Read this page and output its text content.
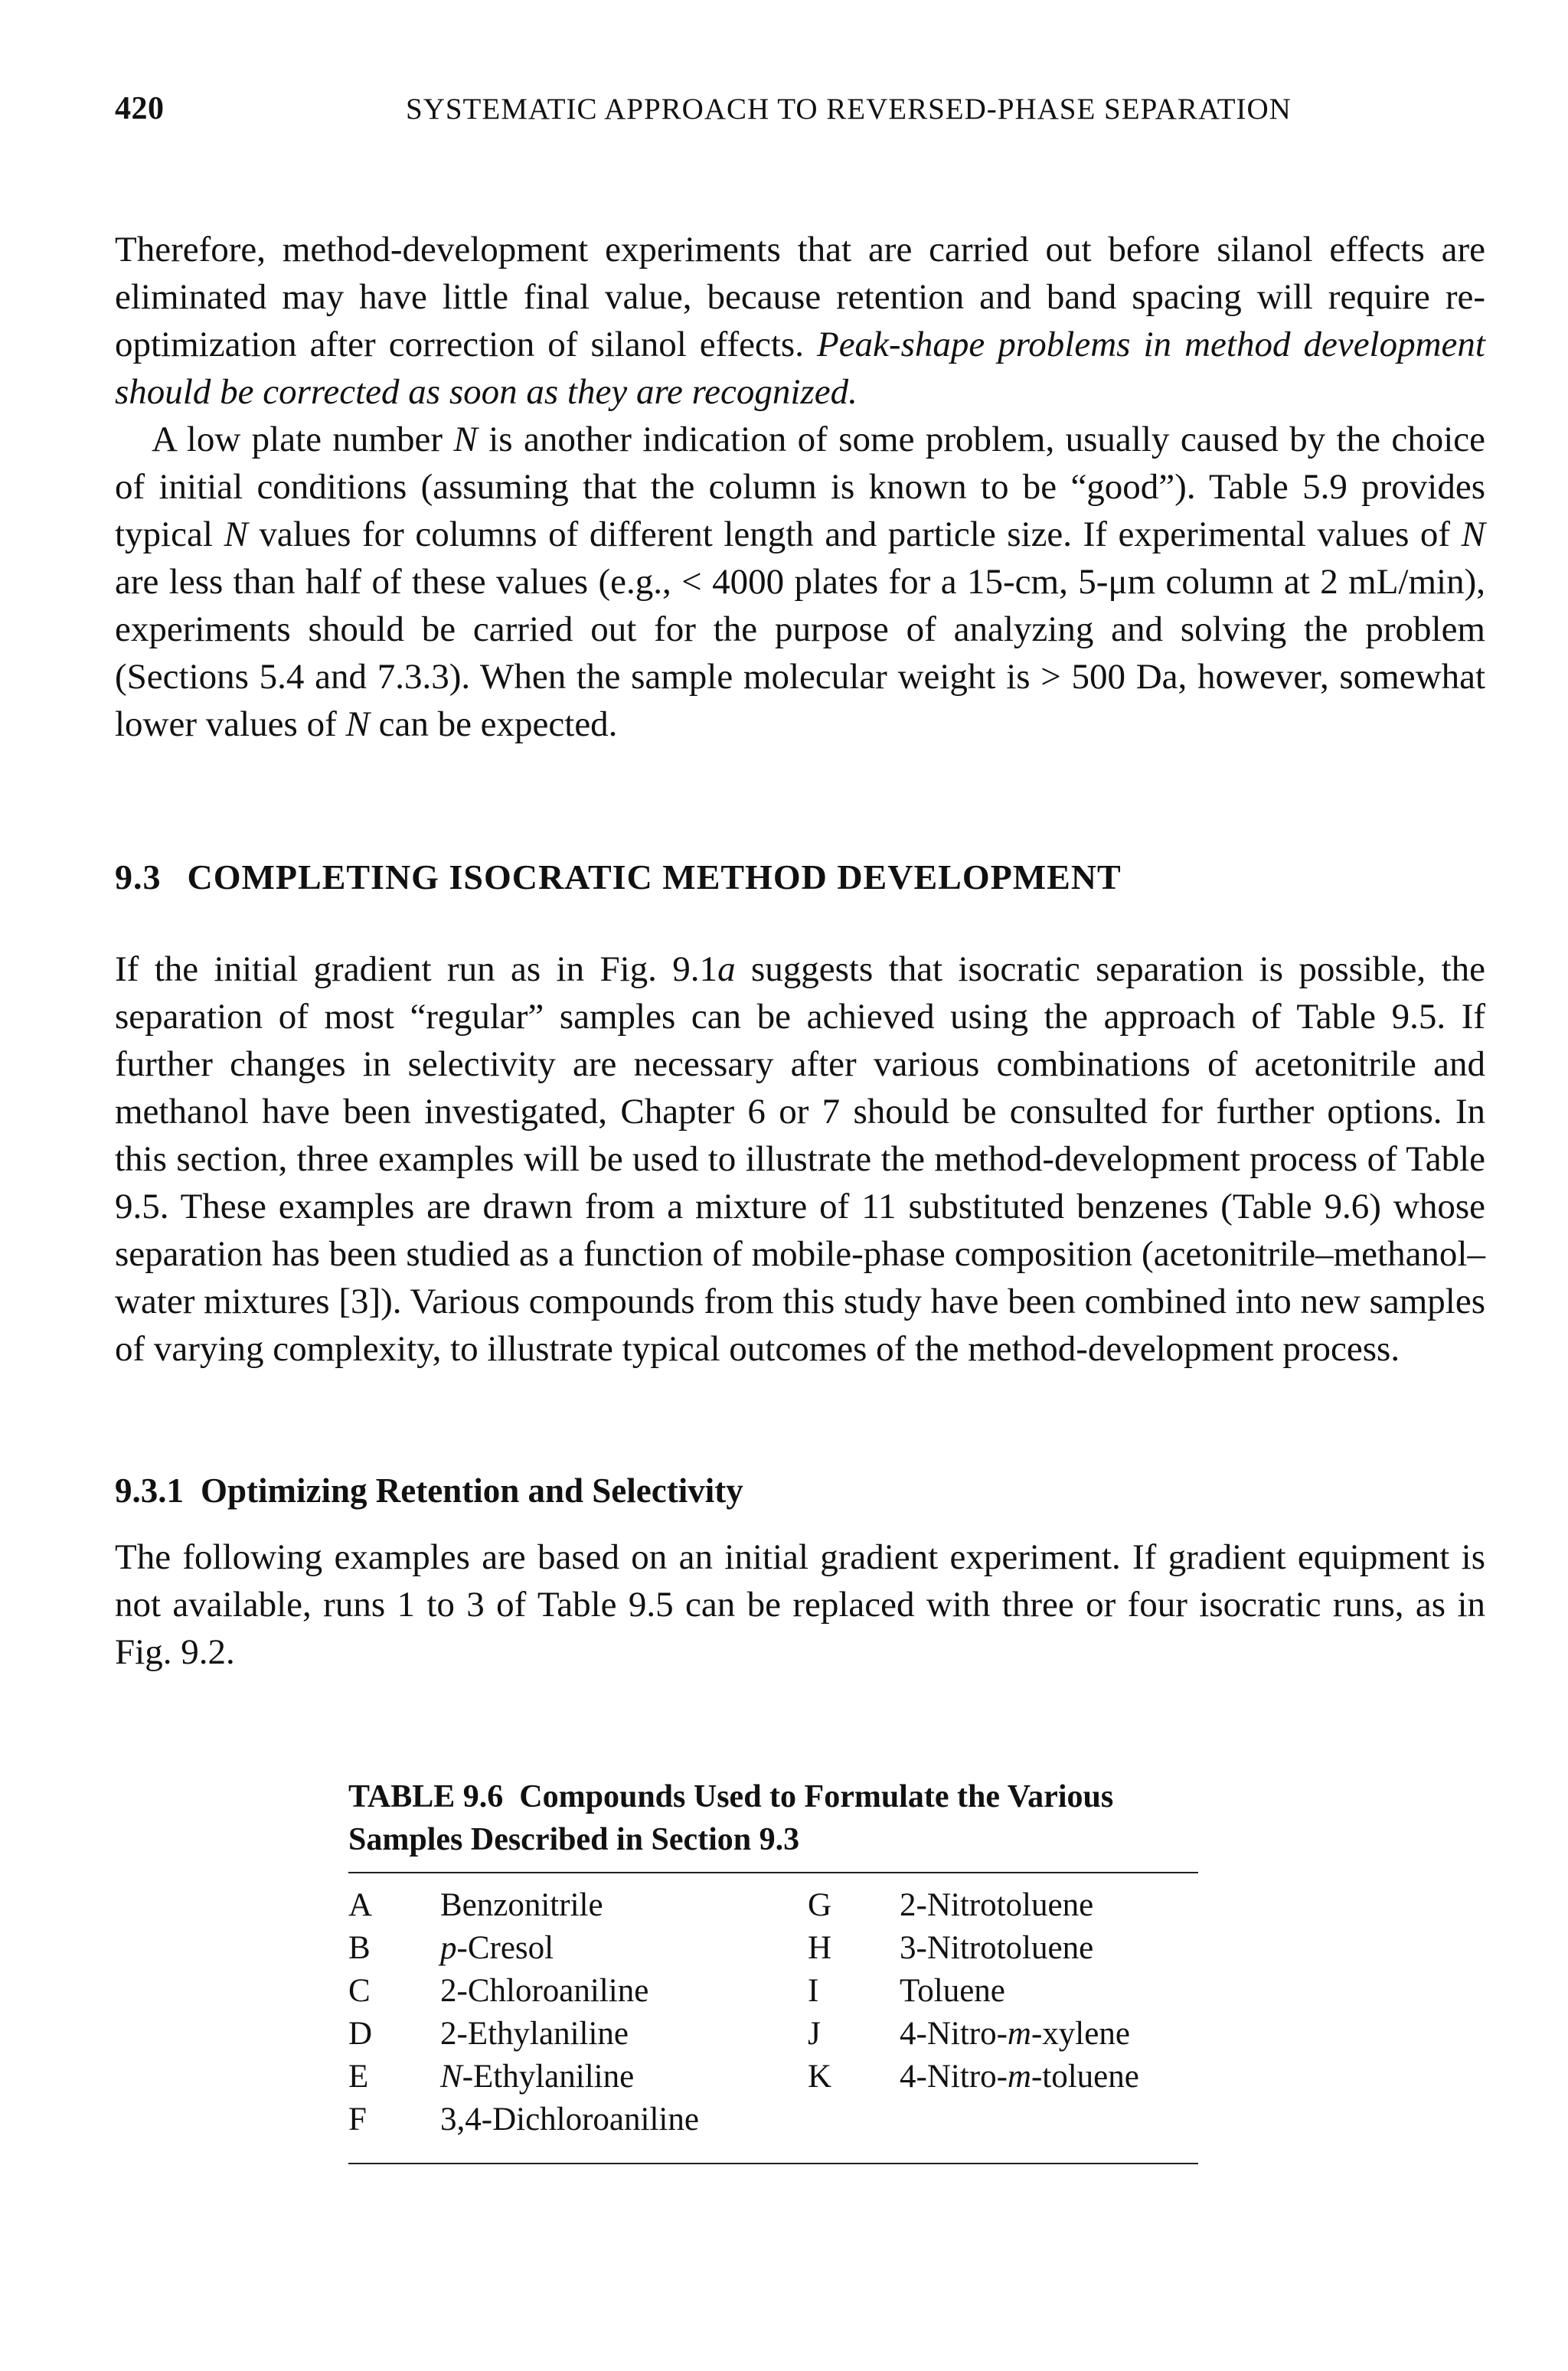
420	SYSTEMATIC APPROACH TO REVERSED-PHASE SEPARATION

Therefore, method-development experiments that are carried out before silanol effects are eliminated may have little final value, because retention and band spacing will require re-optimization after correction of silanol effects. Peak-shape problems in method development should be corrected as soon as they are recognized.

A low plate number N is another indication of some problem, usually caused by the choice of initial conditions (assuming that the column is known to be “good”). Table 5.9 provides typical N values for columns of different length and particle size. If experimental values of N are less than half of these values (e.g., < 4000 plates for a 15-cm, 5-μm column at 2 mL/min), experiments should be carried out for the purpose of analyzing and solving the problem (Sections 5.4 and 7.3.3). When the sample molecular weight is > 500 Da, however, somewhat lower values of N can be expected.

9.3 COMPLETING ISOCRATIC METHOD DEVELOPMENT

If the initial gradient run as in Fig. 9.1a suggests that isocratic separation is possible, the separation of most “regular” samples can be achieved using the approach of Table 9.5. If further changes in selectivity are necessary after various combinations of acetonitrile and methanol have been investigated, Chapter 6 or 7 should be consulted for further options. In this section, three examples will be used to illustrate the method-development process of Table 9.5. These examples are drawn from a mixture of 11 substituted benzenes (Table 9.6) whose separation has been studied as a function of mobile-phase composition (acetonitrile–methanol–water mixtures [3]). Various compounds from this study have been combined into new samples of varying complexity, to illustrate typical outcomes of the method-development process.

9.3.1 Optimizing Retention and Selectivity

The following examples are based on an initial gradient experiment. If gradient equipment is not available, runs 1 to 3 of Table 9.5 can be replaced with three or four isocratic runs, as in Fig. 9.2.

TABLE 9.6 Compounds Used to Formulate the Various Samples Described in Section 9.3
A	Benzonitrile	G	2-Nitrotoluene
B	p-Cresol	H	3-Nitrotoluene
C	2-Chloroaniline	I	Toluene
D	2-Ethylaniline	J	4-Nitro-m-xylene
E	N-Ethylaniline	K	4-Nitro-m-toluene
F	3,4-Dichloroaniline		
